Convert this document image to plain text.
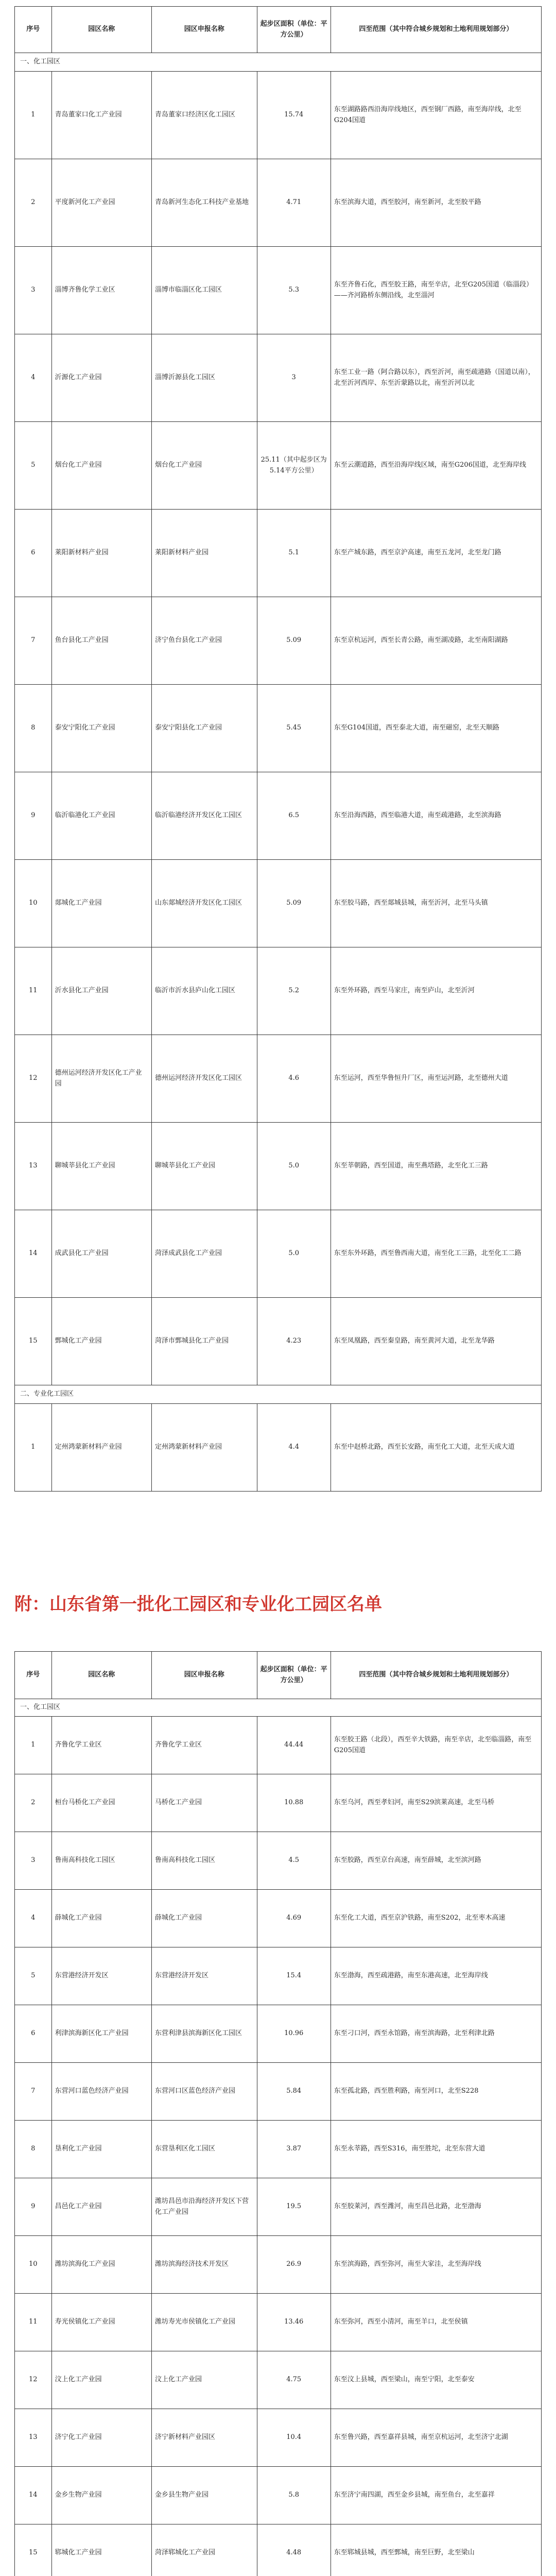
序号	园区名称	园区申报名称	起步区面积（单位：平方公里）	四至范围（其中符合城乡规划和土地利用规划部分）
一、化工园区				
1	青岛董家口化工产业园	青岛董家口经济区化工园区	15.74	东至湖路路西沿海岸线地区，西至钢厂西路，南至海岸线，北至G204国道
2	平度新河化工产业园	青岛新河生态化工科技产业基地	4.71	东至滨海大道，西至胶河，南至新河，北至胶平路
3	淄博齐鲁化学工业区	淄博市临淄区化工园区	5.3	东至齐鲁石化，西至胶王路，南至辛店，北至G205国道（临淄段）——齐河路桥东侧沿线，北至淄河
4	沂源化工产业园	淄博沂源县化工园区	3	东至工业一路（阿合路以东），西至沂河，南至疏港路（国道以南），北至沂河西岸、东至沂蒙路以北，南至沂河以北
5	烟台化工产业园	烟台化工产业园	25.11（其中起步区为5.14平方公里）	东至云潮道路，西至沿海岸线区域，南至G206国道，北至海岸线
6	莱阳新材料产业园	莱阳新材料产业园	5.1	东至产城东路，西至京沪高速，南至五龙河，北至龙门路
7	鱼台县化工产业园	济宁鱼台县化工产业园	5.09	东至京杭运河，西至长青公路，南至湖凌路，北至南阳湖路
8	泰安宁阳化工产业园	泰安宁阳县化工产业园	5.45	东至G104国道，西至泰北大道，南至磁窑，北至天顺路
9	临沂临港化工产业园	临沂临港经济开发区化工园区	6.5	东至沿海西路，西至临港大道，南至疏港路，北至滨海路
10	郯城化工产业园	山东郯城经济开发区化工园区	5.09	东至胶马路，西至郯城县城，南至沂河，北至马头镇
11	沂水县化工产业园	临沂市沂水县庐山化工园区	5.2	东至外环路，西至马家庄，南至庐山，北至沂河
12	德州运河经济开发区化工产业园	德州运河经济开发区化工园区	4.6	东至运河，西至华鲁恒升厂区，南至运河路，北至德州大道
13	聊城莘县化工产业园	聊城莘县化工产业园	5.0	东至莘朝路，西至国道，南至燕塔路，北至化工三路
14	成武县化工产业园	菏泽成武县化工产业园	5.0	东至东外环路，西至鲁西南大道，南至化工三路，北至化工二路
15	鄄城化工产业园	菏泽市鄄城县化工产业园	4.23	东至凤凰路，西至秦皇路，南至黄河大道，北至龙华路
二、专业化工园区				
1	定州鸿蒙新材料产业园	定州鸿蒙新材料产业园	4.4	东至中赵桥北路，西至长安路，南至化工大道，北至天成大道
附：山东省第一批化工园区和专业化工园区名单
序号	园区名称	园区申报名称	起步区面积（单位：平方公里）	四至范围（其中符合城乡规划和土地利用规划部分）
一、化工园区				
1	齐鲁化学工业区	齐鲁化学工业区	44.44	东至胶王路（北段），西至辛大铁路，南至辛店，北至临淄路，南至G205国道
2	桓台马桥化工产业园	马桥化工产业园	10.88	东至乌河，西至孝妇河，南至S29滨莱高速，北至马桥
3	鲁南高科技化工园区	鲁南高科技化工园区	4.5	东至胶路，西至京台高速，南至薛城，北至滨河路
4	薛城化工产业园	薛城化工产业园	4.69	东至化工大道，西至京沪铁路，南至S202，北至枣木高速
5	东营港经济开发区	东营港经济开发区	15.4	东至渤海，西至疏港路，南至东港高速，北至海岸线
6	利津滨海新区化工产业园	东营利津县滨海新区化工园区	10.96	东至刁口河，西至永馆路，南至滨海路，北至利津北路
7	东营河口蓝色经济产业园	东营河口区蓝色经济产业园	5.84	东至孤北路，西至胜利路，南至河口，北至S228
8	垦利化工产业园	东营垦利区化工园区	3.87	东至永莘路，西至S316，南至胜坨，北至东营大道
9	昌邑化工产业园	潍坊昌邑市沿海经济开发区下营化工产业园	19.5	东至胶莱河，西至潍河，南至昌邑北路，北至渤海
10	潍坊滨海化工产业园	潍坊滨海经济技术开发区	26.9	东至滨海路，西至弥河，南至大家洼，北至海岸线
11	寿光侯镇化工产业园	潍坊寿光市侯镇化工产业园	13.46	东至弥河，西至小清河，南至羊口，北至侯镇
12	汶上化工产业园	汶上化工产业园	4.75	东至汶上县城，西至梁山，南至宁阳，北至泰安
13	济宁化工产业园	济宁新材料产业园区	10.4	东至鲁兴路，西至嘉祥县城，南至京杭运河，北至济宁北湖
14	金乡生物产业园	金乡县生物产业园	5.8	东至济宁南四湖，西至金乡县城，南至鱼台，北至嘉祥
15	郓城化工产业园	菏泽郓城化工产业园	4.48	东至郓城县城，西至鄄城，南至巨野，北至梁山
